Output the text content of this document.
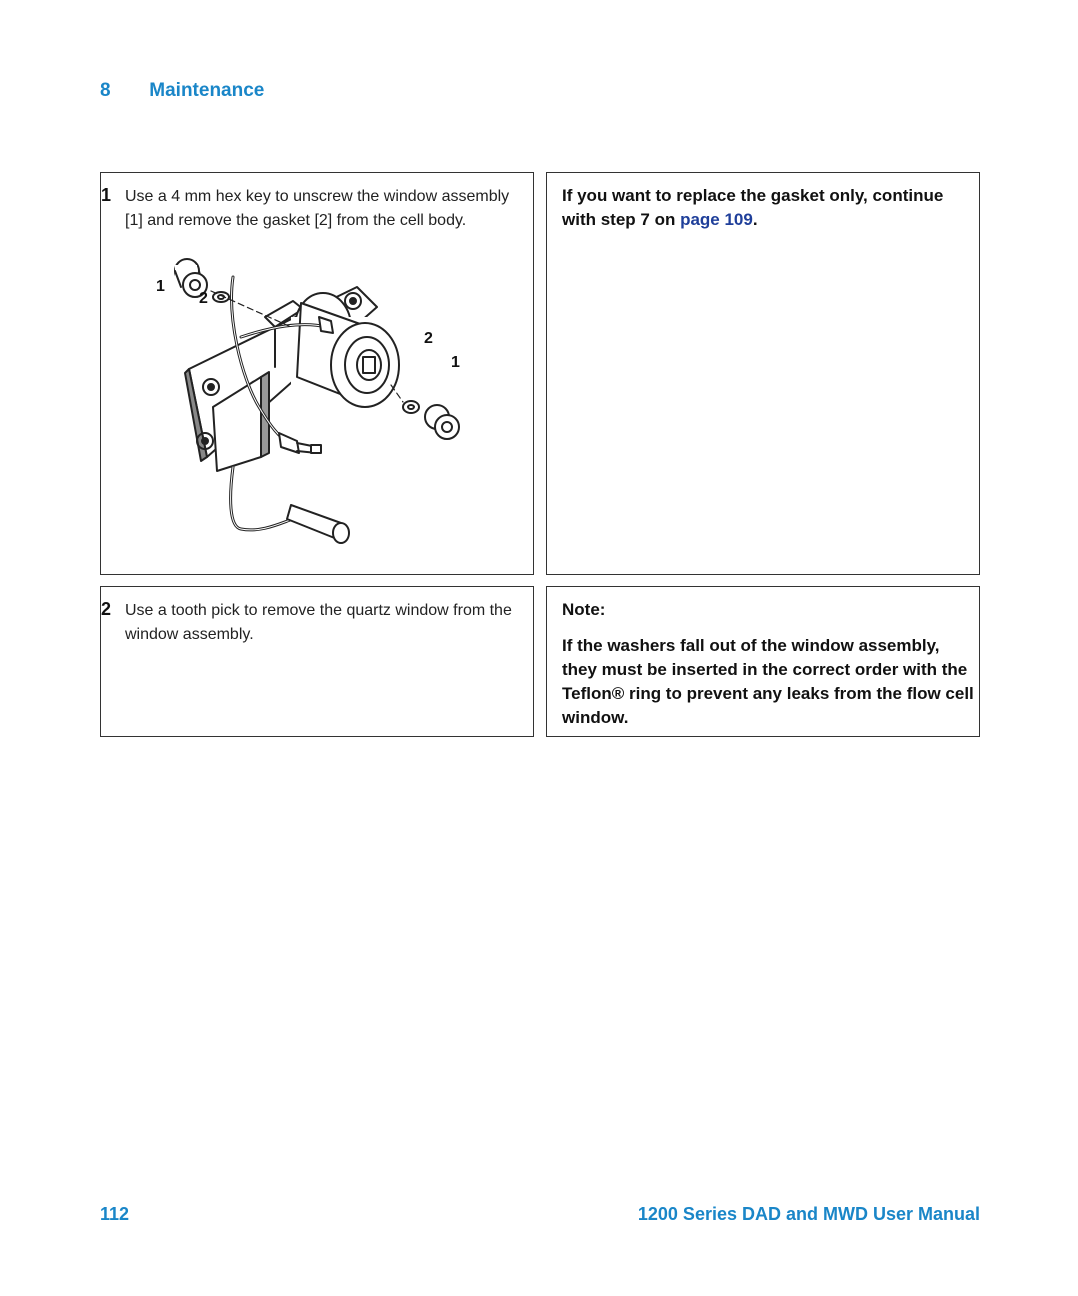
8 Maintenance
1 Use a 4 mm hex key to unscrew the window assembly [1] and remove the gasket [2] from the cell body.
1
2
2
1
If you want to replace the gasket only, continue with step 7 on page 109.
2 Use a tooth pick to remove the quartz window from the window assembly.

Note:

If the washers fall out of the window assembly, they must be inserted in the correct order with the Teflon® ring to prevent any leaks from the flow cell window.

112	1200 Series DAD and MWD User Manual
